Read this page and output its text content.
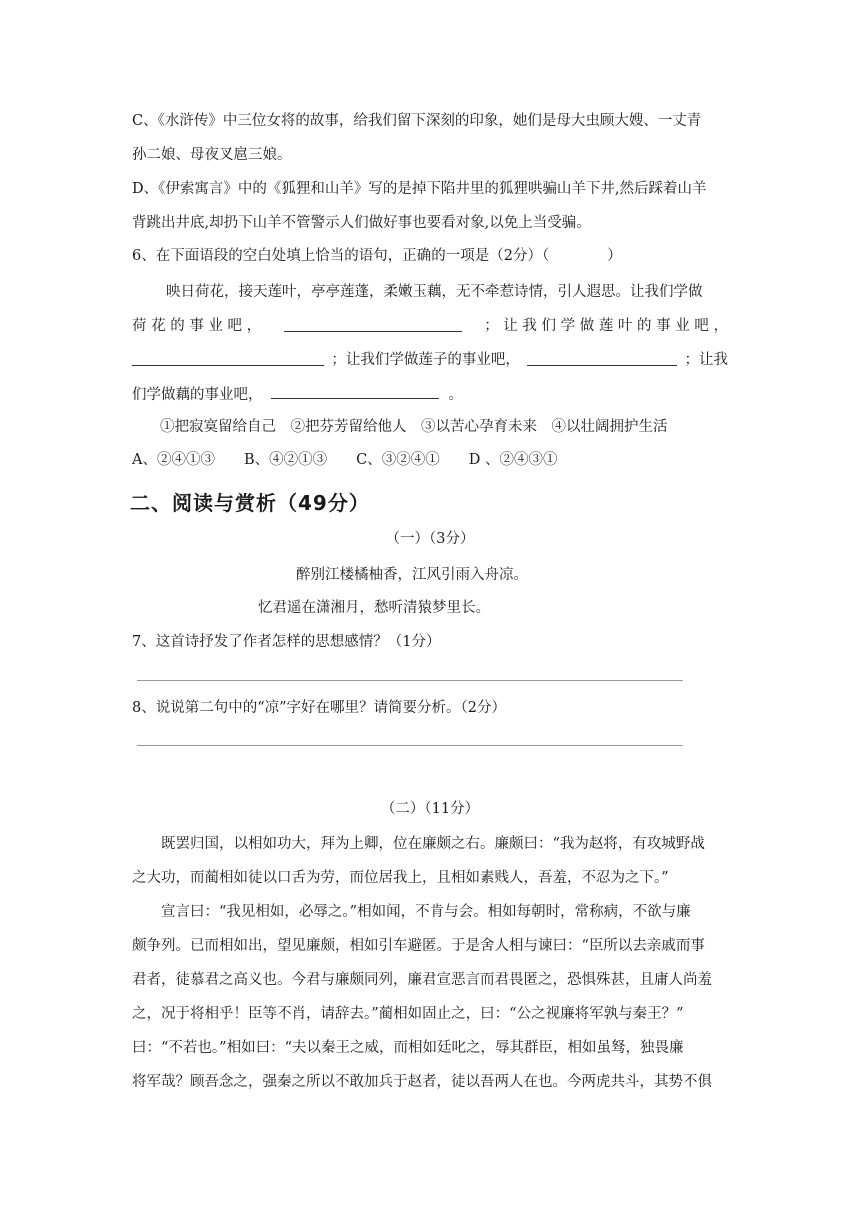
C、《水浒传》中三位女将的故事，给我们留下深刻的印象，她们是母大虫顾大嫂、一丈青
孙二娘、母夜叉扈三娘。
D、《伊索寓言》中的《狐狸和山羊》写的是掉下陷井里的狐狸哄骗山羊下井,然后踩着山羊
背跳出井底,却扔下山羊不管警示人们做好事也要看对象,以免上当受骗。
6、在下面语段的空白处填上恰当的语句，正确的一项是（2分）（	）
映日荷花，接天莲叶，亭亭莲蓬，柔嫩玉藕，无不牵惹诗情，引人遐思。让我们学做
荷 花 的 事 业 吧 ，	； 让 我 们 学 做 莲 叶 的 事 业 吧 ，
；让我们学做莲子的事业吧，	；让我
们学做藕的事业吧，	。
①把寂寞留给自己　②把芬芳留给他人　③以苦心孕育未来　④以壮阔拥护生活
A、②④①③　　B、④②①③　　C、③②④①　　D 、②④③①
二、阅读与赏析（49分）
（一）（3分）
醉别江楼橘柚香，江风引雨入舟凉。
忆君遥在潇湘月，愁听清猿梦里长。
7、这首诗抒发了作者怎样的思想感情？（1分）
8、说说第二句中的“凉”字好在哪里？请简要分析。（2分）
（二）（11分）
既罢归国，以相如功大，拜为上卿，位在廉颇之右。廉颇曰：“我为赵将，有攻城野战
之大功，而蔺相如徒以口舌为劳，而位居我上，且相如素贱人，吾羞，不忍为之下。”
宣言曰：“我见相如，必辱之。”相如闻，不肯与会。相如每朝时，常称病，不欲与廉
颇争列。已而相如出，望见廉颇，相如引车避匿。于是舍人相与谏曰：“臣所以去亲戚而事
君者，徒慕君之高义也。今君与廉颇同列，廉君宣恶言而君畏匿之，恐惧殊甚，且庸人尚羞
之，况于将相乎！臣等不肖，请辞去。”蔺相如固止之，曰：“公之视廉将军孰与秦王？”
曰：“不若也。”相如曰：“夫以秦王之威，而相如廷叱之，辱其群臣，相如虽驽，独畏廉
将军哉？顾吾念之，强秦之所以不敢加兵于赵者，徒以吾两人在也。今两虎共斗，其势不俱
